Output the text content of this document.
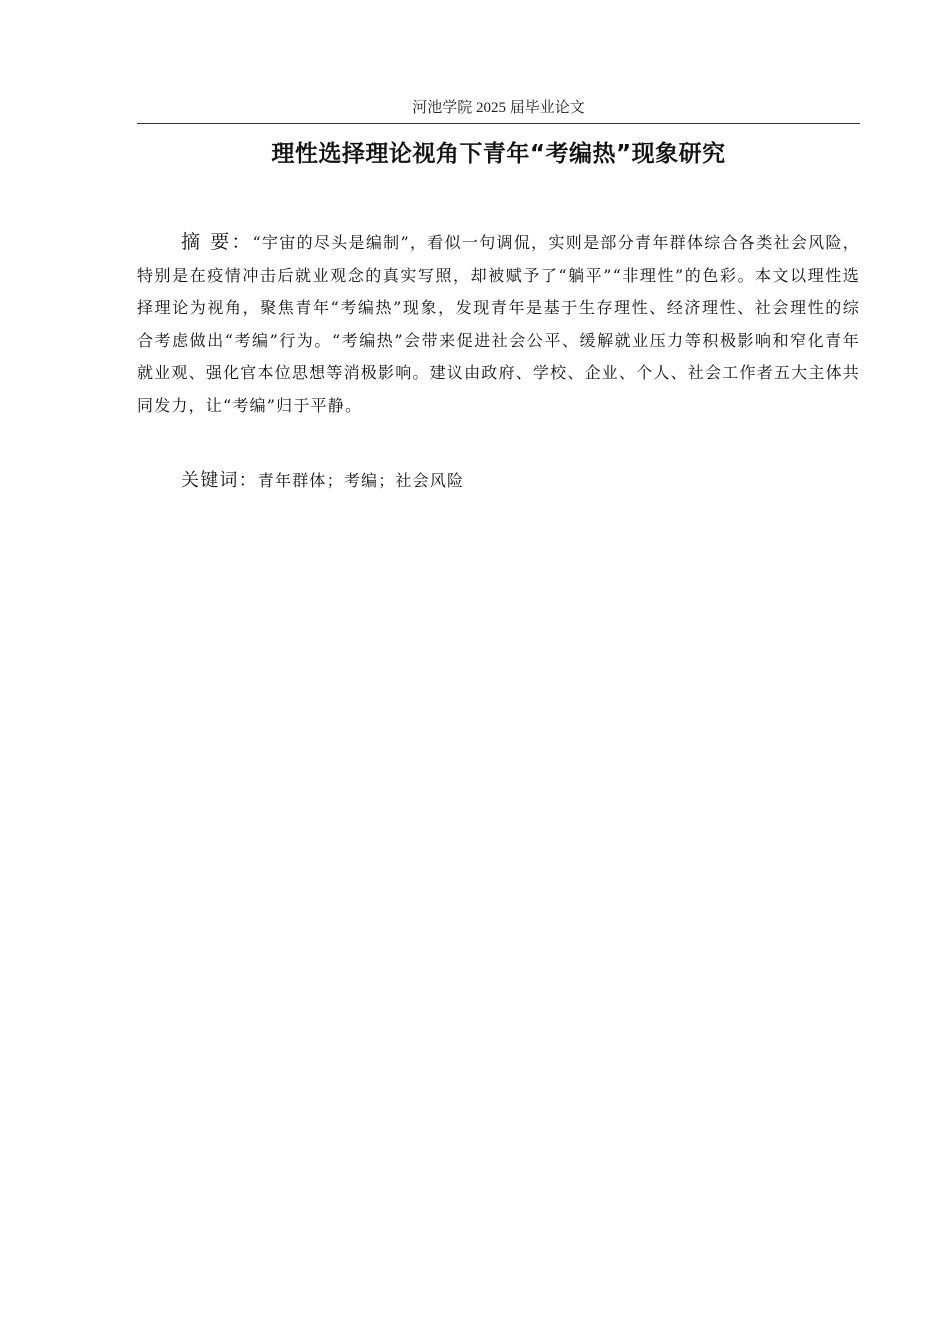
河池学院 2025 届毕业论文
理性选择理论视角下青年“考编热”现象研究

摘 要：“宇宙的尽头是编制”，看似一句调侃，实则是部分青年群体综合各类社会风险，特别是在疫情冲击后就业观念的真实写照，却被赋予了“躺平”“非理性”的色彩。本文以理性选择理论为视角，聚焦青年“考编热”现象，发现青年是基于生存理性、经济理性、社会理性的综合考虑做出“考编”行为。“考编热”会带来促进社会公平、缓解就业压力等积极影响和窄化青年就业观、强化官本位思想等消极影响。建议由政府、学校、企业、个人、社会工作者五大主体共同发力，让“考编”归于平静。

关键词：青年群体；考编；社会风险
